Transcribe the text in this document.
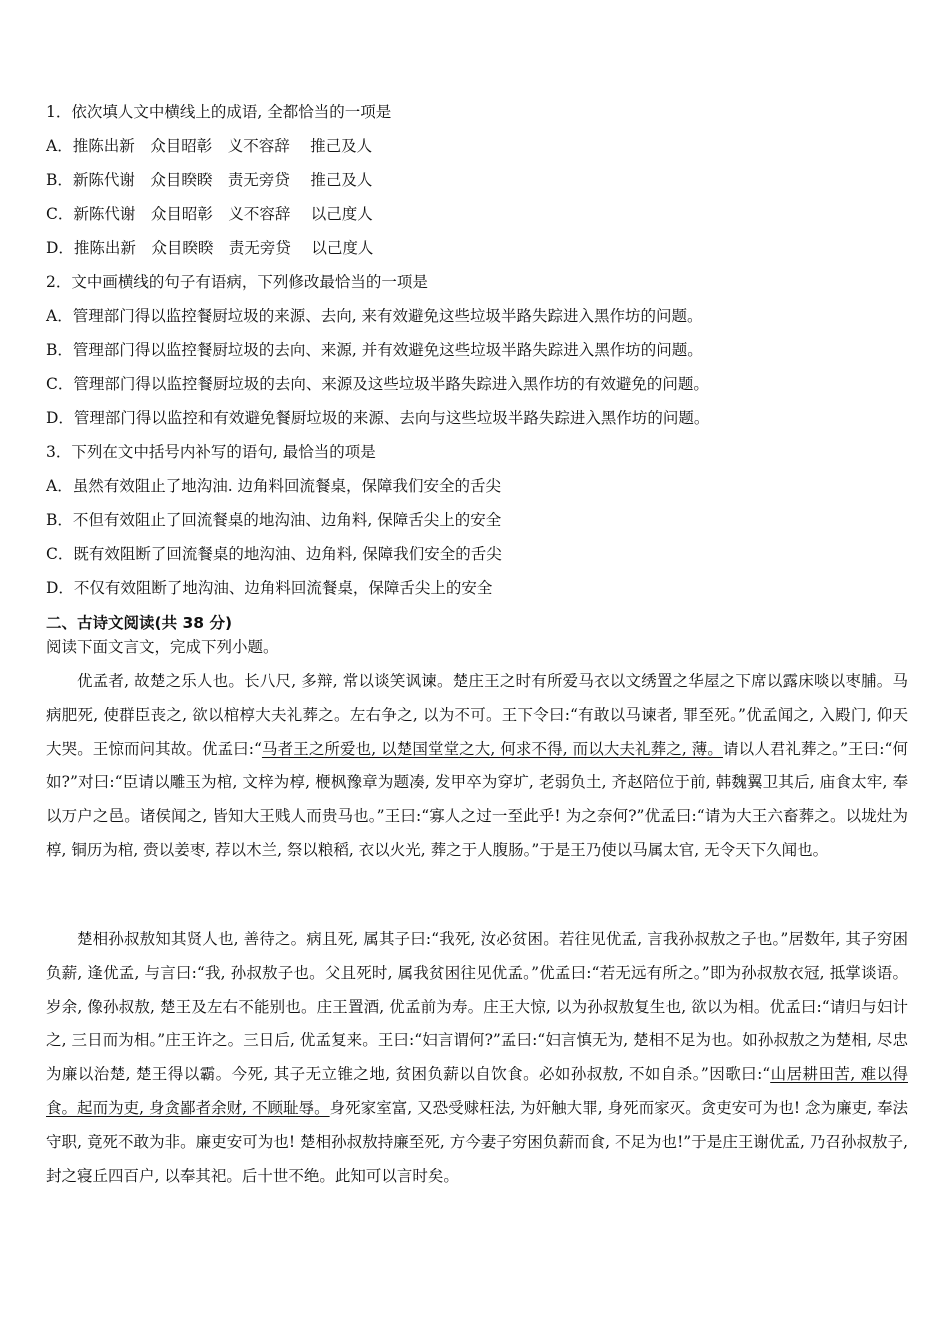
1．依次填人文中横线上的成语, 全都恰当的一项是
A．推陈出新　众目昭彰　义不容辞　 推己及人
B．新陈代谢　众目睽睽　责无旁贷　 推己及人
C．新陈代谢　众目昭彰　义不容辞　 以己度人
D．推陈出新　众目睽睽　责无旁贷　 以己度人
2．文中画横线的句子有语病，下列修改最恰当的一项是
A．管理部门得以监控餐厨垃圾的来源、去向, 来有效避免这些垃圾半路失踪进入黑作坊的问题。
B．管理部门得以监控餐厨垃圾的去向、来源, 并有效避免这些垃圾半路失踪进入黑作坊的问题。
C．管理部门得以监控餐厨垃圾的去向、来源及这些垃圾半路失踪进入黑作坊的有效避免的问题。
D．管理部门得以监控和有效避免餐厨垃圾的来源、去向与这些垃圾半路失踪进入黑作坊的问题。
3．下列在文中括号内补写的语句, 最恰当的项是
A．虽然有效阻止了地沟油. 边角料回流餐桌，保障我们安全的舌尖
B．不但有效阻止了回流餐桌的地沟油、边角料, 保障舌尖上的安全
C．既有效阻断了回流餐桌的地沟油、边角料, 保障我们安全的舌尖
D．不仅有效阻断了地沟油、边角料回流餐桌，保障舌尖上的安全
二、古诗文阅读(共 38 分)
阅读下面文言文，完成下列小题。

优孟者, 故楚之乐人也。长八尺, 多辩, 常以谈笑讽谏。楚庄王之时有所爱马衣以文绣置之华屋之下席以露床啖以枣脯。马病肥死, 使群臣丧之, 欲以棺椁大夫礼葬之。左右争之, 以为不可。王下令曰:“有敢以马谏者, 罪至死。”优孟闻之, 入殿门, 仰天大哭。王惊而问其故。优孟曰:“马者王之所爱也, 以楚国堂堂之大, 何求不得, 而以大夫礼葬之, 薄。请以人君礼葬之。”王曰:“何如?”对曰:“臣请以雕玉为棺, 文梓为椁, 楩枫豫章为题凑, 发甲卒为穿圹, 老弱负土, 齐赵陪位于前, 韩魏翼卫其后, 庙食太牢, 奉以万户之邑。诸侯闻之, 皆知大王贱人而贵马也。”王曰:“寡人之过一至此乎! 为之奈何?”优孟曰:“请为大王六畜葬之。以垅灶为椁, 铜历为棺, 赍以姜枣, 荐以木兰, 祭以粮稻, 衣以火光, 葬之于人腹肠。”于是王乃使以马属太官, 无令天下久闻也。

楚相孙叔敖知其贤人也, 善待之。病且死, 属其子曰:“我死, 汝必贫困。若往见优孟, 言我孙叔敖之子也。”居数年, 其子穷困负薪, 逢优孟, 与言曰:“我, 孙叔敖子也。父且死时, 属我贫困往见优孟。”优孟曰:“若无远有所之。”即为孙叔敖衣冠, 抵掌谈语。岁余, 像孙叔敖, 楚王及左右不能别也。庄王置酒, 优孟前为寿。庄王大惊, 以为孙叔敖复生也, 欲以为相。优孟曰:“请归与妇计之, 三日而为相。”庄王许之。三日后, 优孟复来。王曰:“妇言谓何?”孟曰:“妇言慎无为, 楚相不足为也。如孙叔敖之为楚相, 尽忠为廉以治楚, 楚王得以霸。今死, 其子无立锥之地, 贫困负薪以自饮食。必如孙叔敖, 不如自杀。”因歌曰:“山居耕田苦, 难以得食。起而为吏, 身贪鄙者余财, 不顾耻辱。身死家室富, 又恐受赇枉法, 为奸触大罪, 身死而家灭。贪吏安可为也! 念为廉吏, 奉法守职, 竟死不敢为非。廉吏安可为也! 楚相孙叔敖持廉至死, 方今妻子穷困负薪而食, 不足为也!”于是庄王谢优孟, 乃召孙叔敖子, 封之寝丘四百户, 以奉其祀。后十世不绝。此知可以言时矣。
